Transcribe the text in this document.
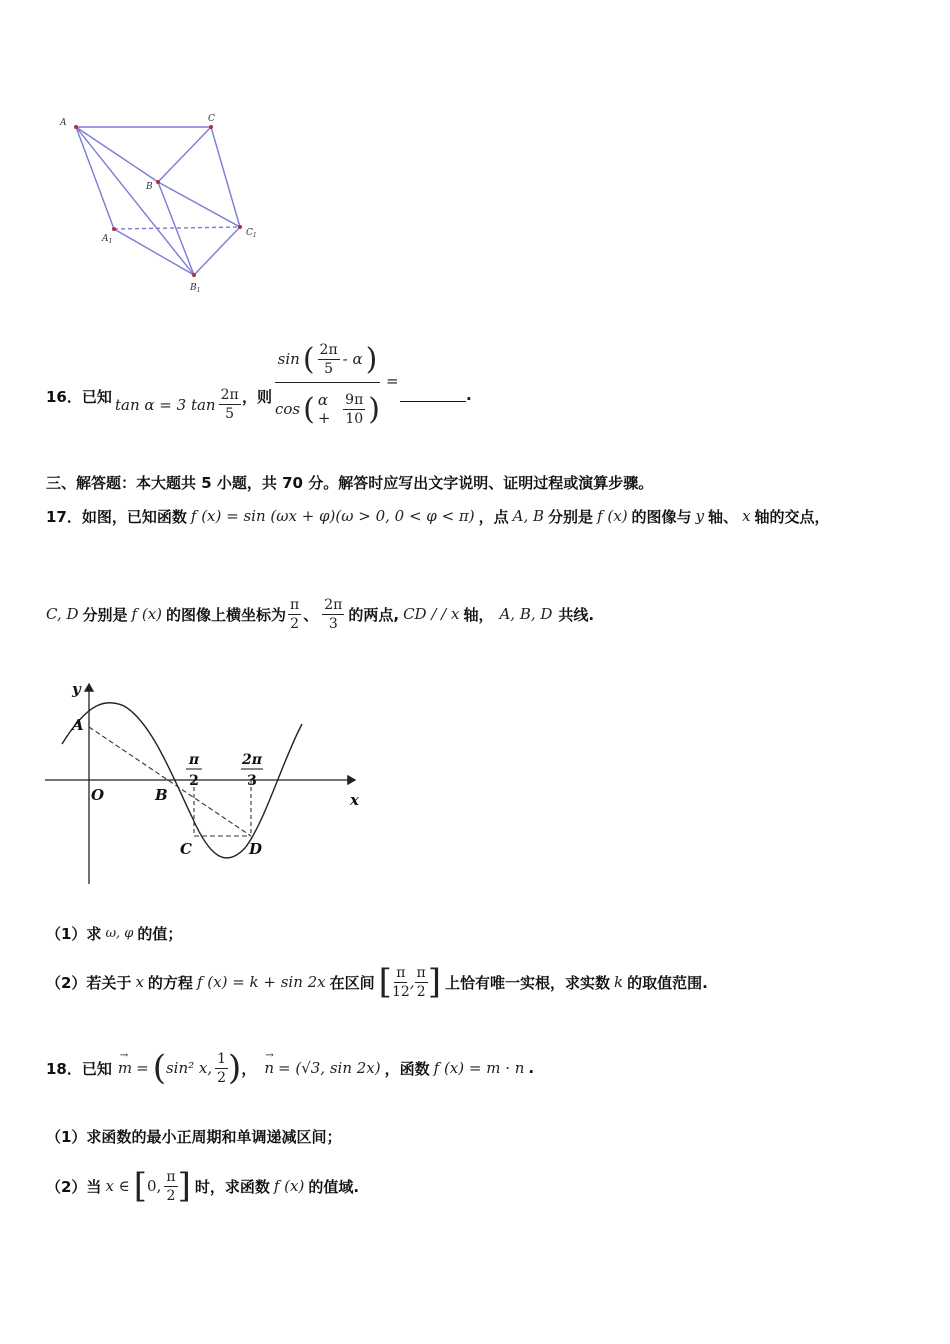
A	C
B
$A_1$
$C_1$
$B_1$
16．已知 tan α = 3 $\tan \frac{2\pi}{5}$ ，则
sin ( $\frac{2\pi}{5}$ - α )
cos ( $\alpha + \frac{9\pi}{10}$ )
=
.
三、解答题：本大题共 5 小题，共 70 分。解答时应写出文字说明、证明过程或演算步骤。
17．如图，已知函数 f (x) = sin (ωx + φ)(ω > 0, 0 < φ < π) ，点 A, B 分别是 f (x) 的图像与 y 轴、 x 轴的交点，
C, D 分别是 f (x) 的图像上横坐标为 $\frac{\pi}{2}$ 、 $\frac{2\pi}{3}$ 的两点, CD / / x 轴， A, B, D 共线.
y
x
A
O	B
C	D
π
2
2π
3
（1）求 ω, φ 的值；
（2）若关于 x 的方程 f (x) = k + sin 2x 在区间 [ $\frac{\pi}{12}$ , $\frac{\pi}{2}$ ] 上恰有唯一实根，求实数 k 的取值范围.
18．已知
→
m = ( sin² x, $\frac{1}{2}$ ) ，
→
n = (√3, sin 2x) ，函数 f (x) = m · n .
（1）求函数的最小正周期和单调递减区间；
（2）当 x ∈ [ 0, $\frac{\pi}{2}$ ] 时，求函数 f (x) 的值域.
